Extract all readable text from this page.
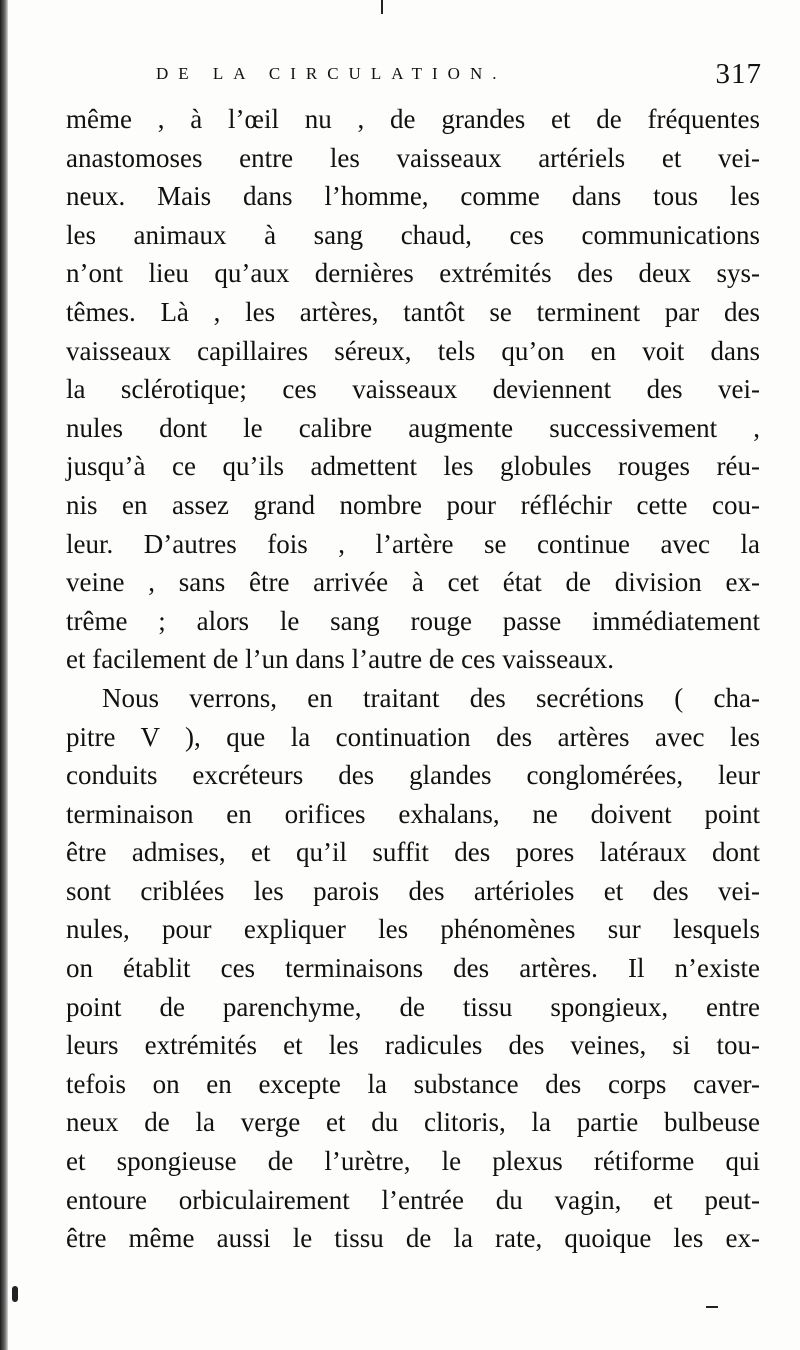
DE LA CIRCULATION.	317
même , à l’œil nu , de grandes et de fréquentes
anastomoses entre les vaisseaux artériels et vei-
neux. Mais dans l’homme, comme dans tous les
les animaux à sang chaud, ces communications
n’ont lieu qu’aux dernières extrémités des deux sys-
têmes. Là , les artères, tantôt se terminent par des
vaisseaux capillaires séreux, tels qu’on en voit dans
la sclérotique; ces vaisseaux deviennent des vei-
nules dont le calibre augmente successivement ,
jusqu’à ce qu’ils admettent les globules rouges réu-
nis en assez grand nombre pour réfléchir cette cou-
leur. D’autres fois , l’artère se continue avec la
veine , sans être arrivée à cet état de division ex-
trême ; alors le sang rouge passe immédiatement
et facilement de l’un dans l’autre de ces vaisseaux.
Nous verrons, en traitant des secrétions ( cha-
pitre V ), que la continuation des artères avec les
conduits excréteurs des glandes conglomérées, leur
terminaison en orifices exhalans, ne doivent point
être admises, et qu’il suffit des pores latéraux dont
sont criblées les parois des artérioles et des vei-
nules, pour expliquer les phénomènes sur lesquels
on établit ces terminaisons des artères. Il n’existe
point de parenchyme, de tissu spongieux, entre
leurs extrémités et les radicules des veines, si tou-
tefois on en excepte la substance des corps caver-
neux de la verge et du clitoris, la partie bulbeuse
et spongieuse de l’urètre, le plexus rétiforme qui
entoure orbiculairement l’entrée du vagin, et peut-
être même aussi le tissu de la rate, quoique les ex-
